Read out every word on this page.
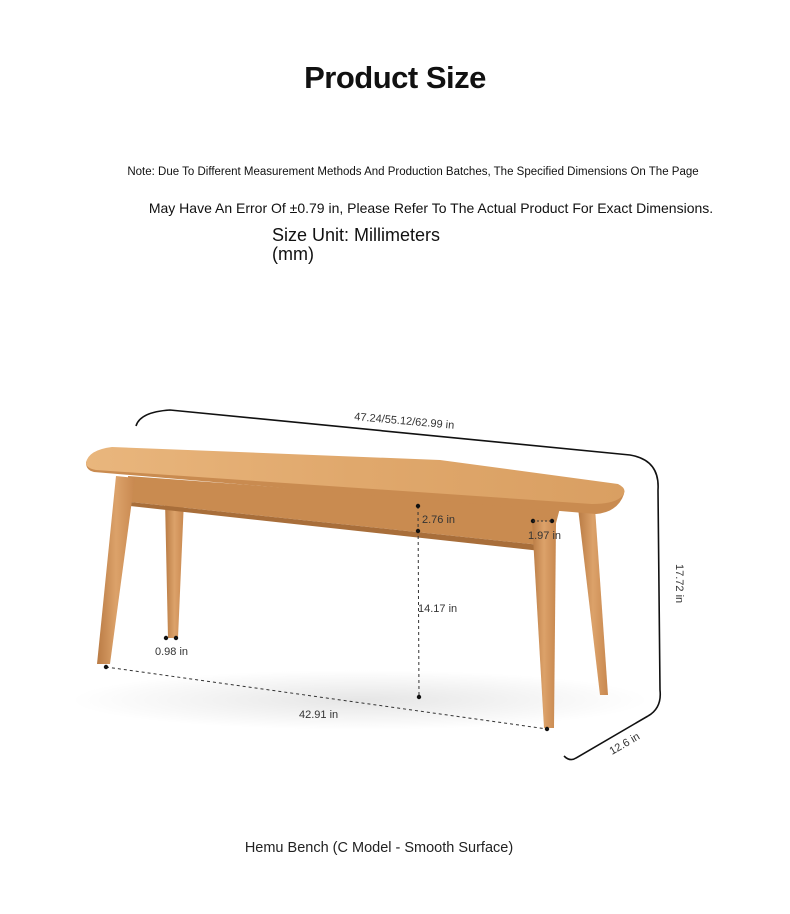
Product Size
Note: Due To Different Measurement Methods And Production Batches, The Specified Dimensions On The Page
May Have An Error Of ±0.79 in, Please Refer To The Actual Product For Exact Dimensions.
Size Unit: Millimeters (mm)
47.24/55.12/62.99 in
17.72 in
12.6 in
42.91 in
2.76 in
14.17 in
1.97 in
0.98 in
Hemu Bench (C Model - Smooth Surface)
